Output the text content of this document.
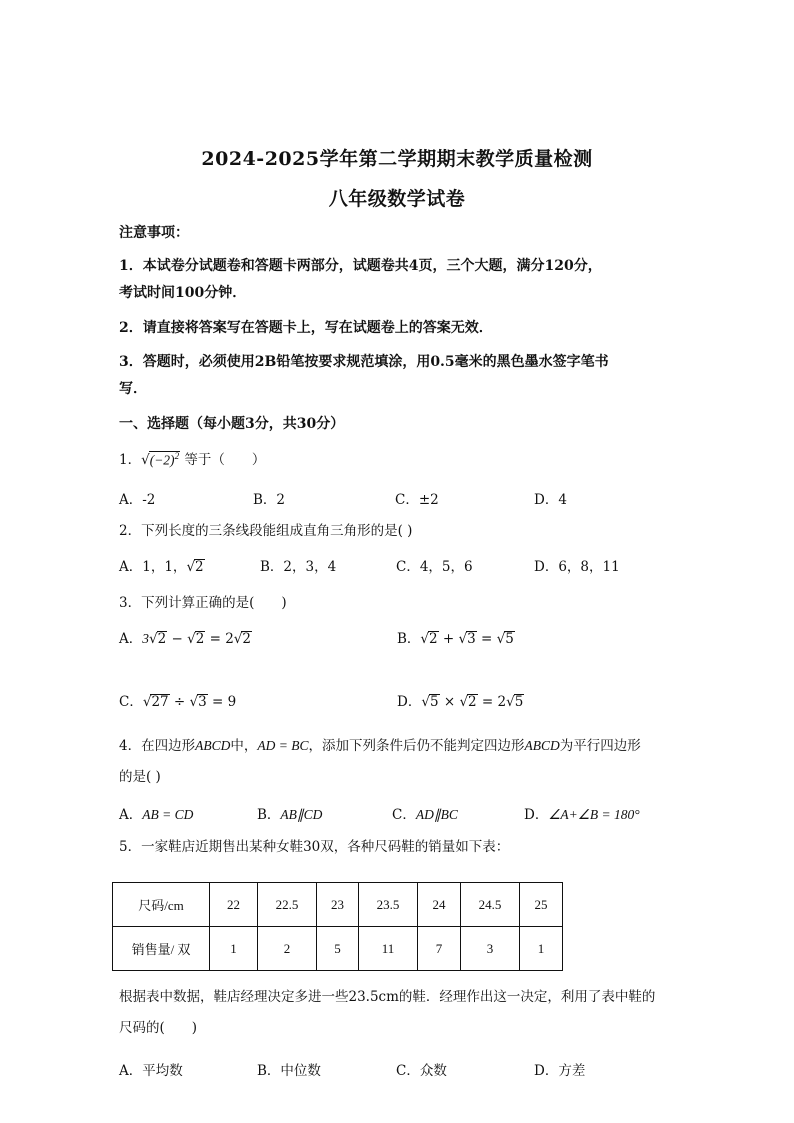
2024-2025学年第二学期期末教学质量检测
八年级数学试卷
注意事项：
1．本试卷分试题卷和答题卡两部分，试题卷共4页，三个大题，满分120分，
考试时间100分钟．
2．请直接将答案写在答题卡上，写在试题卷上的答案无效．
3．答题时，必须使用2B铅笔按要求规范填涂，用0.5毫米的黑色墨水签字笔书
写．
一、选择题（每小题3分，共30分）
1．$√(-2)^2$ 等于（　　）
A．-2	B．2	C．±2	D．4
2．下列长度的三条线段能组成直角三角形的是( )
A．1，1，√2	B．2，3，4	C．4，5，6	D．6，8，11
3．下列计算正确的是(　　)
A．3√2 − √2 = 2√2	B．√2 + √3 = √5
C．√27 ÷ √3 = 9	D．√5 × √2 = 2√5
4．在四边形ABCD中，AD = BC，添加下列条件后仍不能判定四边形ABCD为平行四边形
的是( )
A．AB = CD	B．AB∥CD	C．AD∥BC	D．∠A+∠B = 180°
5．一家鞋店近期售出某种女鞋30双，各种尺码鞋的销量如下表：
尺码/cm	22	22.5	23	23.5	24	24.5	25
销售量/ 双	1	2	5	11	7	3	1
根据表中数据，鞋店经理决定多进一些23.5cm的鞋．经理作出这一决定，利用了表中鞋的
尺码的(　　)
A．平均数	B．中位数	C．众数	D．方差
